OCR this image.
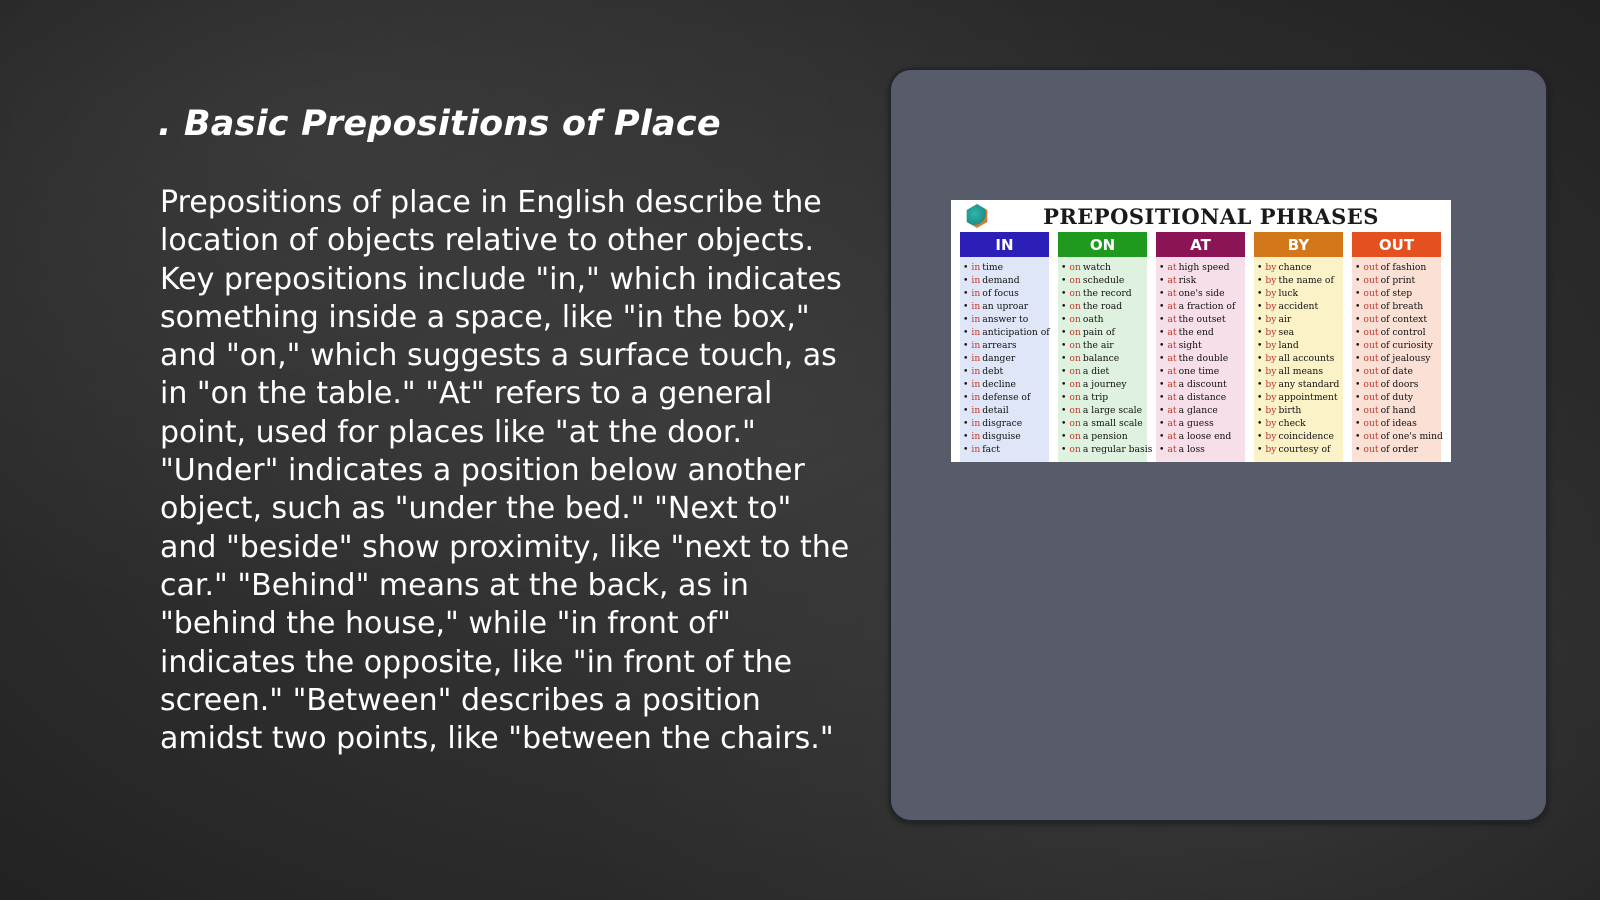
. Basic Prepositions of Place

Prepositions of place in English describe the location of objects relative to other objects. Key prepositions include "in," which indicates something inside a space, like "in the box," and "on," which suggests a surface touch, as in "on the table." "At" refers to a general point, used for places like "at the door." "Under" indicates a position below another object, such as "under the bed." "Next to" and "beside" show proximity, like "next to the car." "Behind" means at the back, as in "behind the house," while "in front of" indicates the opposite, like "in front of the screen." "Between" describes a position amidst two points, like "between the chairs."

PREPOSITIONAL PHRASES
IN
• in time
• in demand
• in of focus
• in an uproar
• in answer to
• in anticipation of
• in arrears
• in danger
• in debt
• in decline
• in defense of
• in detail
• in disgrace
• in disguise
• in fact
ON
• on watch
• on schedule
• on the record
• on the road
• on oath
• on pain of
• on the air
• on balance
• on a diet
• on a journey
• on a trip
• on a large scale
• on a small scale
• on a pension
• on a regular basis
AT
• at high speed
• at risk
• at one's side
• at a fraction of
• at the outset
• at the end
• at sight
• at the double
• at one time
• at a discount
• at a distance
• at a glance
• at a guess
• at a loose end
• at a loss
BY
• by chance
• by the name of
• by luck
• by accident
• by air
• by sea
• by land
• by all accounts
• by all means
• by any standard
• by appointment
• by birth
• by check
• by coincidence
• by courtesy of
OUT
• out of fashion
• out of print
• out of step
• out of breath
• out of context
• out of control
• out of curiosity
• out of jealousy
• out of date
• out of doors
• out of duty
• out of hand
• out of ideas
• out of one's mind
• out of order
